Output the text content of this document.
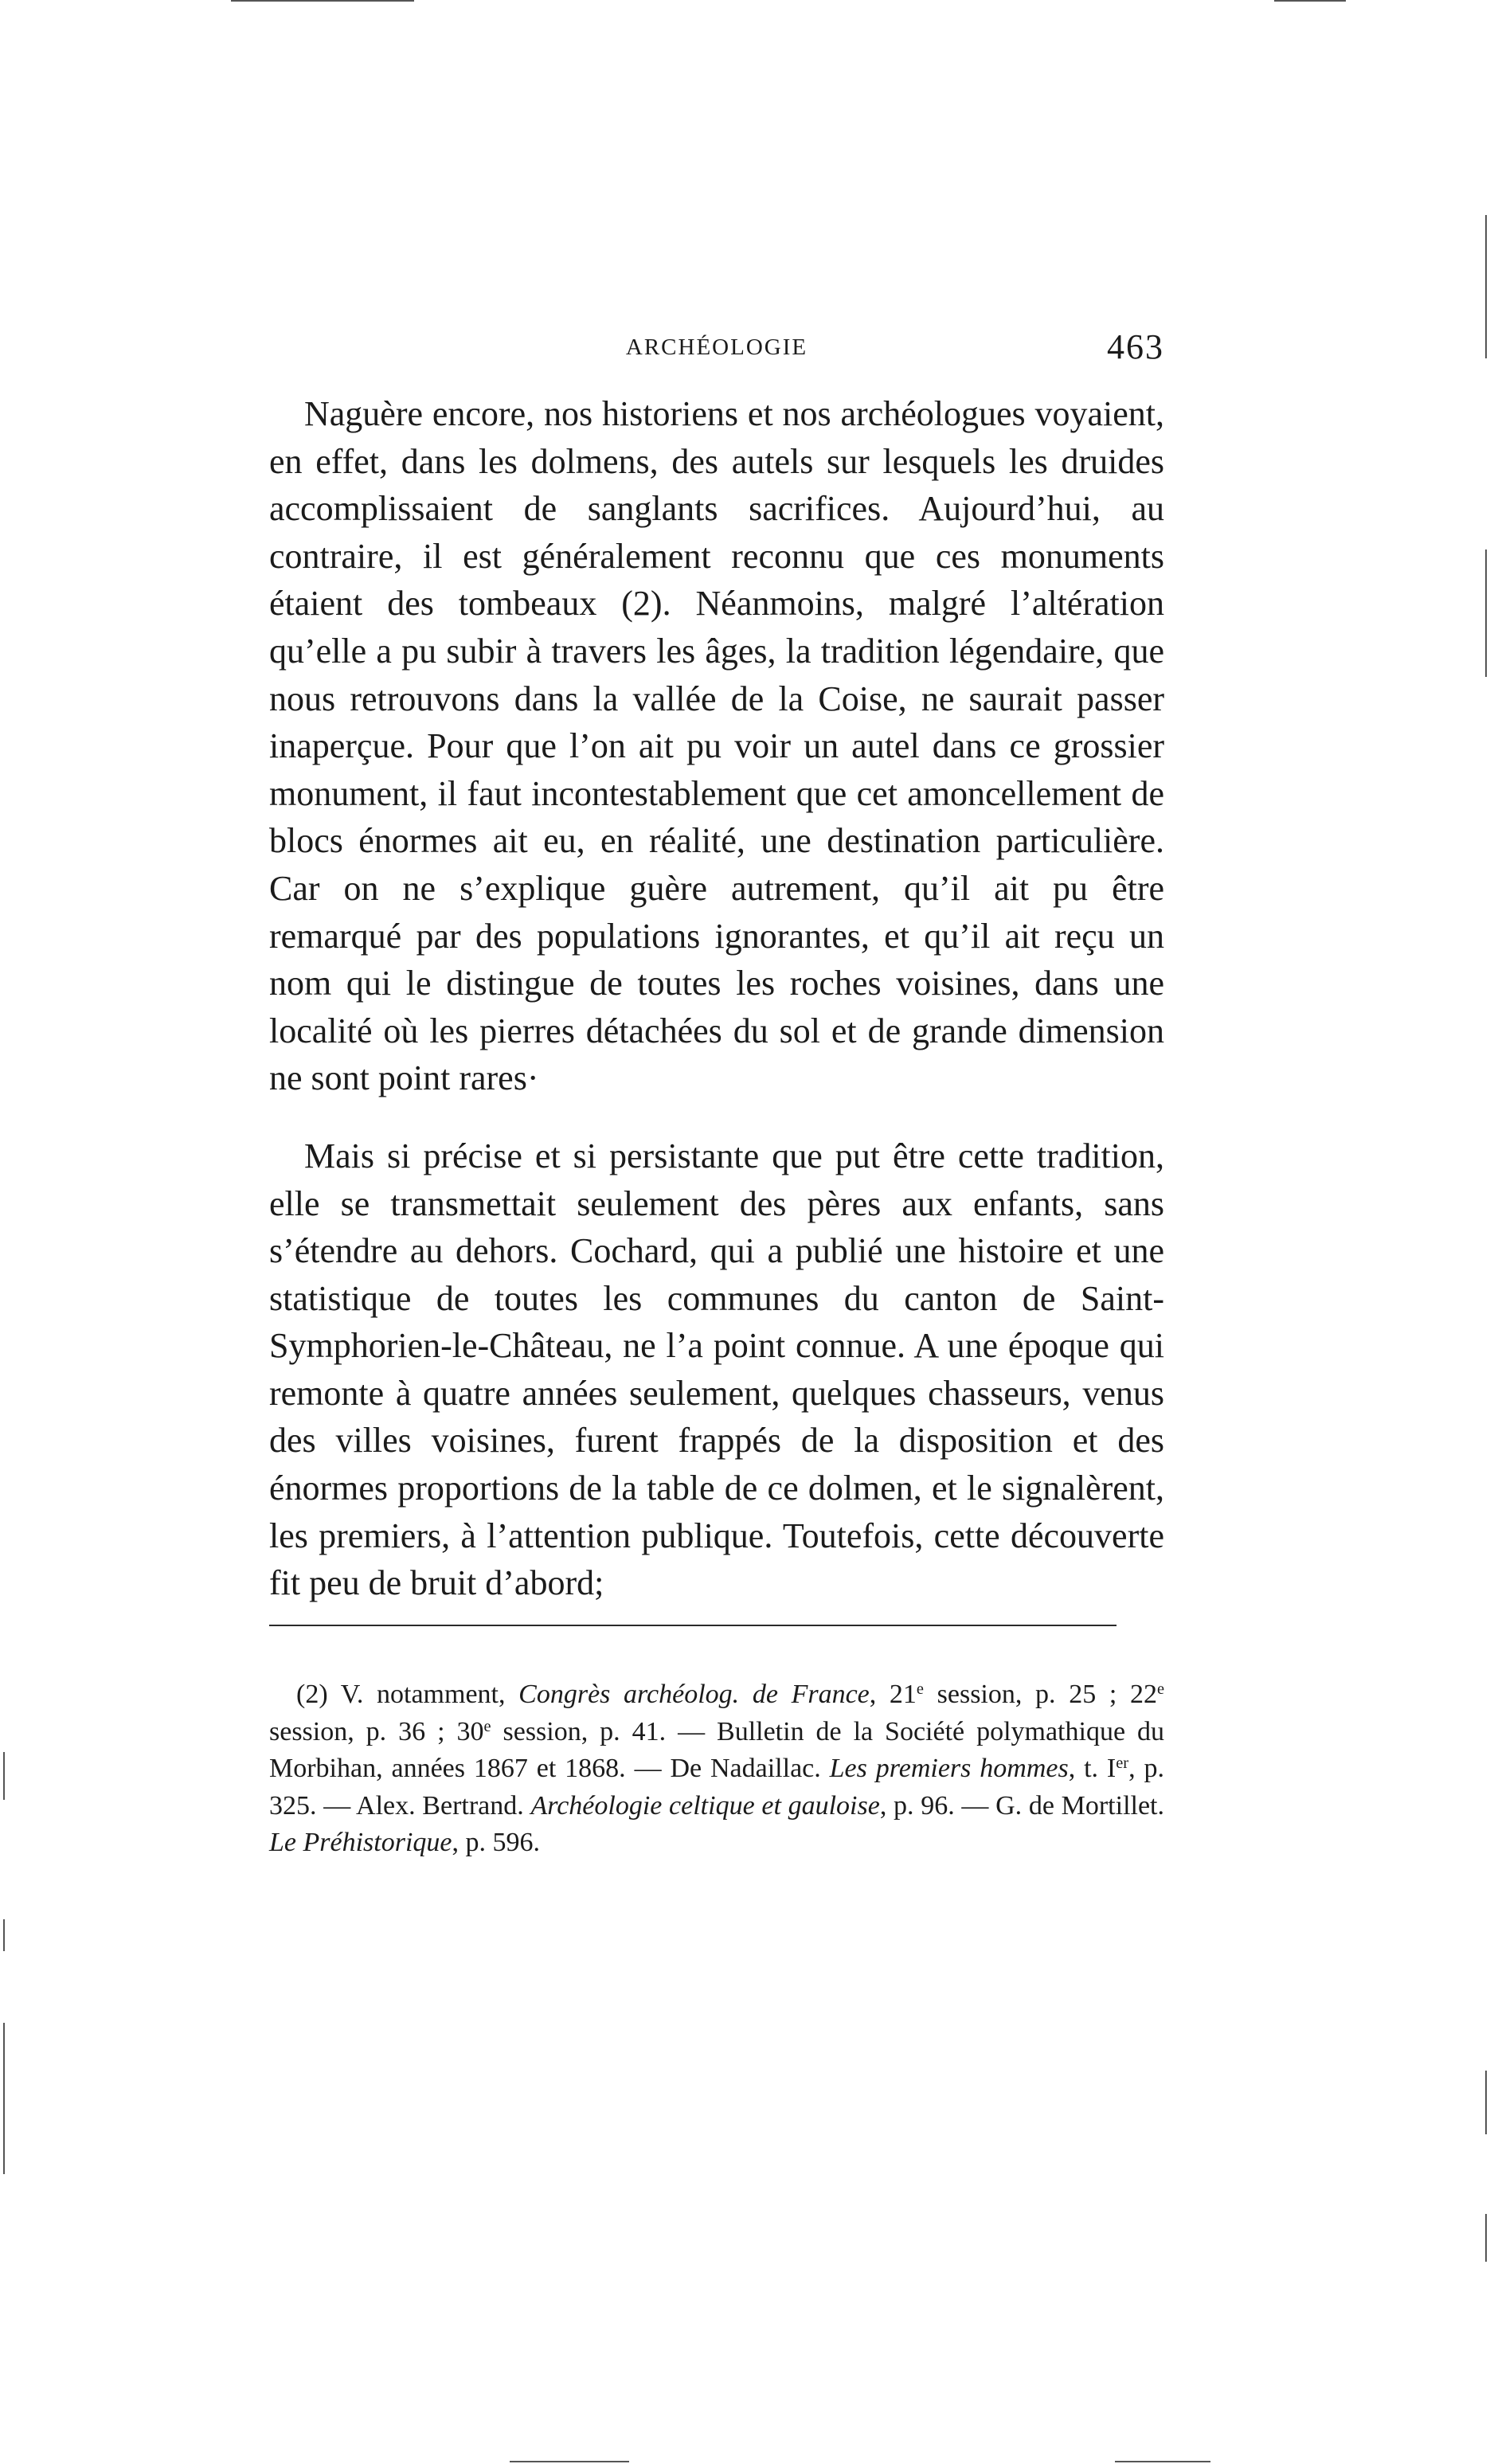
ARCHÉOLOGIE	463

Naguère encore, nos historiens et nos archéologues voyaient, en effet, dans les dolmens, des autels sur lesquels les druides accomplissaient de sanglants sacrifices. Aujourd’hui, au contraire, il est généralement reconnu que ces monuments étaient des tombeaux (2). Néanmoins, malgré l’altération qu’elle a pu subir à travers les âges, la tradition légendaire, que nous retrouvons dans la vallée de la Coise, ne saurait passer inaperçue. Pour que l’on ait pu voir un autel dans ce grossier monument, il faut incontestablement que cet amoncellement de blocs énormes ait eu, en réalité, une destination particulière. Car on ne s’explique guère autrement, qu’il ait pu être remarqué par des populations ignorantes, et qu’il ait reçu un nom qui le distingue de toutes les roches voisines, dans une localité où les pierres détachées du sol et de grande dimension ne sont point rares·

Mais si précise et si persistante que put être cette tradition, elle se transmettait seulement des pères aux enfants, sans s’étendre au dehors. Cochard, qui a publié une histoire et une statistique de toutes les communes du canton de Saint-Symphorien-le-Château, ne l’a point connue. A une époque qui remonte à quatre années seulement, quelques chasseurs, venus des villes voisines, furent frappés de la disposition et des énormes proportions de la table de ce dolmen, et le signalèrent, les premiers, à l’attention publique. Toutefois, cette découverte fit peu de bruit d’abord;

(2) V. notamment, Congrès archéolog. de France, 21e session, p. 25 ; 22e session, p. 36 ; 30e session, p. 41. — Bulletin de la Société polymathique du Morbihan, années 1867 et 1868. — De Nadaillac. Les premiers hommes, t. Ier, p. 325. — Alex. Bertrand. Archéologie celtique et gauloise, p. 96. — G. de Mortillet. Le Préhistorique, p. 596.
